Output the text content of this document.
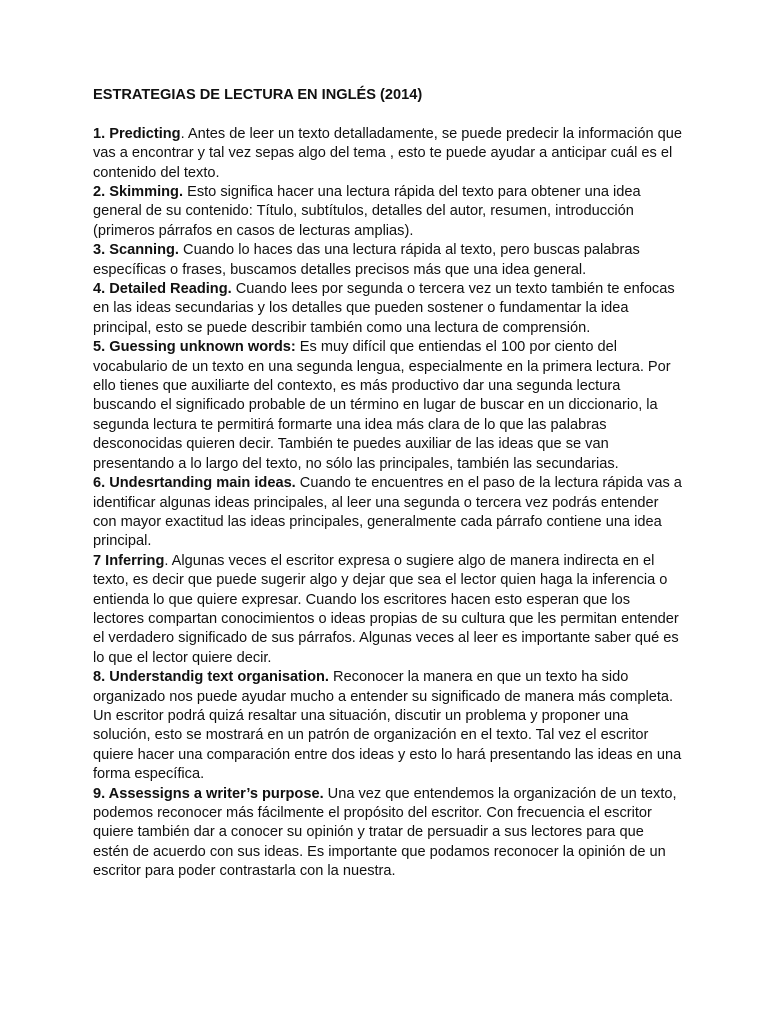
ESTRATEGIAS DE LECTURA EN INGLÉS (2014)

1. Predicting. Antes de leer un texto detalladamente, se puede predecir la información que vas a encontrar y tal vez sepas algo del tema , esto te puede ayudar a anticipar cuál es el contenido del texto.

2. Skimming. Esto significa hacer una lectura rápida del texto para obtener una idea general de su contenido: Título, subtítulos, detalles del autor, resumen, introducción (primeros párrafos en casos de lecturas amplias).

3. Scanning. Cuando lo haces das una lectura rápida al texto, pero buscas palabras específicas o frases, buscamos detalles precisos más que una idea general.

4. Detailed Reading. Cuando lees por segunda o tercera vez un texto también te enfocas en las ideas secundarias y los detalles que pueden sostener o fundamentar la idea principal, esto se puede describir también como una lectura de comprensión.

5. Guessing unknown words: Es muy difícil que entiendas el 100 por ciento del vocabulario de un texto en una segunda lengua, especialmente en la primera lectura. Por ello tienes que auxiliarte del contexto, es más productivo dar una segunda lectura buscando el significado probable de un término en lugar de buscar en un diccionario, la segunda lectura te permitirá formarte una idea más clara de lo que las palabras desconocidas quieren decir. También te puedes auxiliar de las ideas que se van presentando a lo largo del texto, no sólo las principales, también las secundarias.

6. Undesrtanding main ideas. Cuando te encuentres en el paso de la lectura rápida vas a identificar algunas ideas principales, al leer una segunda o tercera vez podrás entender con mayor exactitud las ideas principales, generalmente cada párrafo contiene una idea principal.

7 Inferring. Algunas veces el escritor expresa o sugiere algo de manera indirecta en el texto, es decir que puede sugerir algo y dejar que sea el lector quien haga la inferencia o entienda lo que quiere expresar. Cuando los escritores hacen esto esperan que los lectores compartan conocimientos o ideas propias de su cultura que les permitan entender el verdadero significado de sus párrafos. Algunas veces al leer es importante saber qué es lo que el lector quiere decir.

8. Understandig text organisation. Reconocer la manera en que un texto ha sido organizado nos puede ayudar mucho a entender su significado de manera más completa. Un escritor podrá quizá resaltar una situación, discutir un problema y proponer una solución, esto se mostrará en un patrón de organización en el texto. Tal vez el escritor quiere hacer una comparación entre dos ideas y esto lo hará presentando las ideas en una forma específica.

9. Assessigns a writer’s purpose. Una vez que entendemos la organización de un texto, podemos reconocer más fácilmente el propósito del escritor. Con frecuencia el escritor quiere también dar a conocer su opinión y tratar de persuadir a sus lectores para que estén de acuerdo con sus ideas. Es importante que podamos reconocer la opinión de un escritor para poder contrastarla con la nuestra.
